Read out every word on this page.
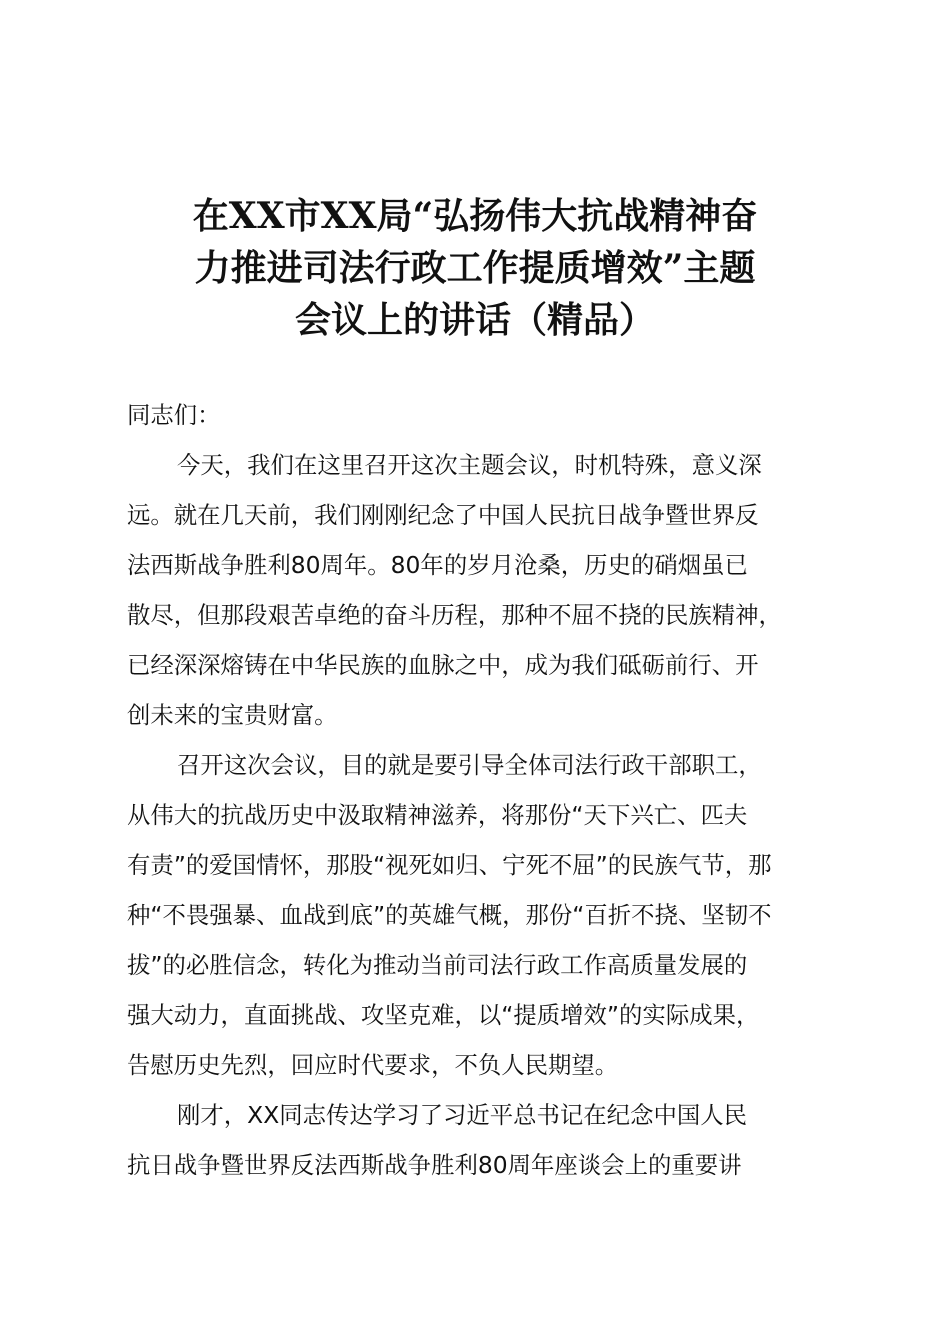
在XX市XX局“弘扬伟大抗战精神奋
力推进司法行政工作提质增效”主题
会议上的讲话（精品）

同志们：

今天，我们在这里召开这次主题会议，时机特殊，意义深
远。就在几天前，我们刚刚纪念了中国人民抗日战争暨世界反
法西斯战争胜利80周年。80年的岁月沧桑，历史的硝烟虽已
散尽，但那段艰苦卓绝的奋斗历程，那种不屈不挠的民族精神，
已经深深熔铸在中华民族的血脉之中，成为我们砥砺前行、开
创未来的宝贵财富。

召开这次会议，目的就是要引导全体司法行政干部职工，
从伟大的抗战历史中汲取精神滋养，将那份“天下兴亡、匹夫
有责”的爱国情怀，那股“视死如归、宁死不屈”的民族气节，那
种“不畏强暴、血战到底”的英雄气概，那份“百折不挠、坚韧不
拔”的必胜信念，转化为推动当前司法行政工作高质量发展的
强大动力，直面挑战、攻坚克难，以“提质增效”的实际成果，
告慰历史先烈，回应时代要求，不负人民期望。

刚才，XX同志传达学习了习近平总书记在纪念中国人民
抗日战争暨世界反法西斯战争胜利80周年座谈会上的重要讲
